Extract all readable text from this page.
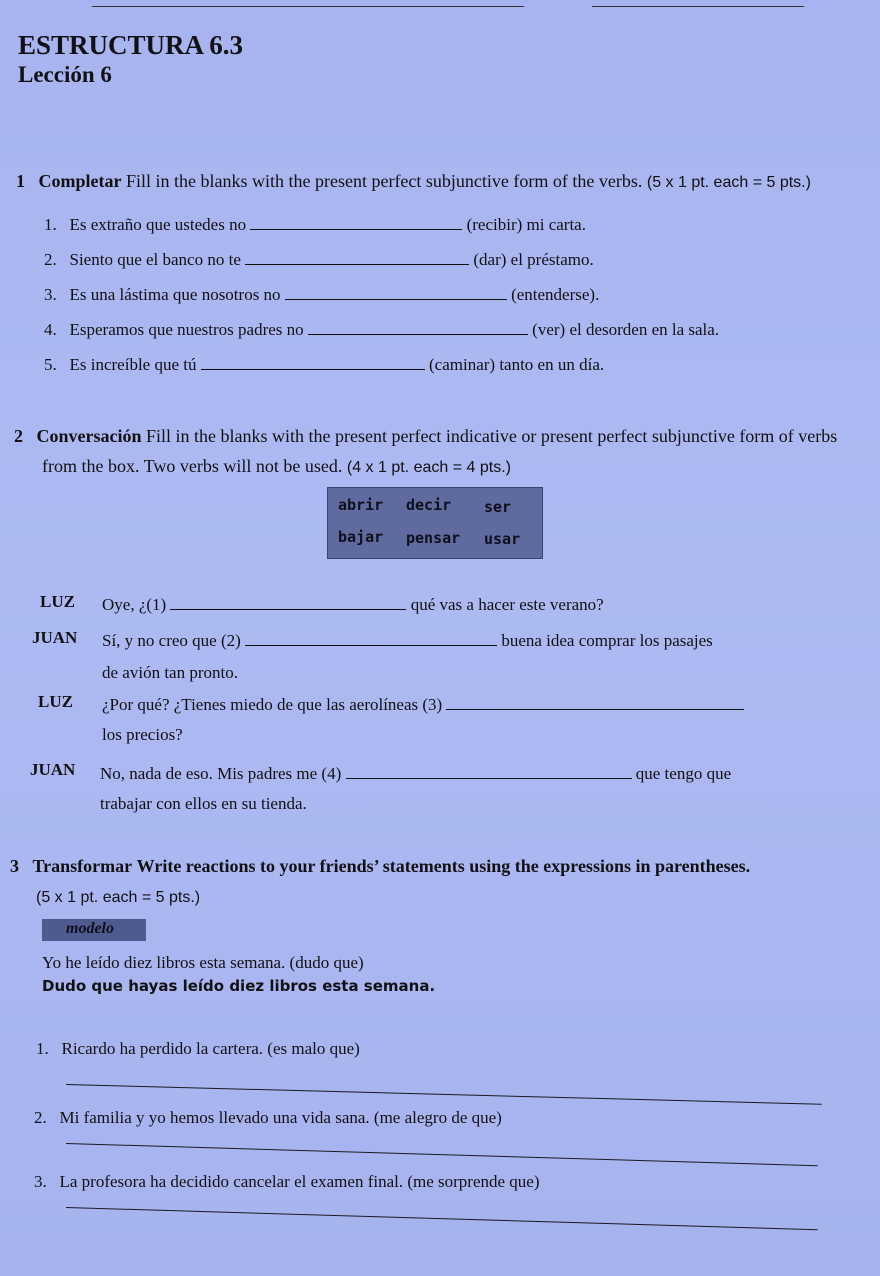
ESTRUCTURA 6.3
Lección 6
1 Completar Fill in the blanks with the present perfect subjunctive form of the verbs. (5 x 1 pt. each = 5 pts.)
1. Es extraño que ustedes no	(recibir) mi carta.
2. Siento que el banco no te	(dar) el préstamo.
3. Es una lástima que nosotros no	(entenderse).
4. Esperamos que nuestros padres no	(ver) el desorden en la sala.
5. Es increíble que tú	(caminar) tanto en un día.
2 Conversación Fill in the blanks with the present perfect indicative or present perfect subjunctive form of verbs
from the box. Two verbs will not be used. (4 x 1 pt. each = 4 pts.)
abrir decir ser
bajar pensar usar
LUZ Oye, ¿(1)	qué vas a hacer este verano?
JUAN Sí, y no creo que (2)	buena idea comprar los pasajes
de avión tan pronto.
LUZ ¿Por qué? ¿Tienes miedo de que las aerolíneas (3)
los precios?
JUAN No, nada de eso. Mis padres me (4)	que tengo que
trabajar con ellos en su tienda.
3 Transformar Write reactions to your friends’ statements using the expressions in parentheses.
(5 x 1 pt. each = 5 pts.)
modelo
Yo he leído diez libros esta semana. (dudo que)
Dudo que hayas leído diez libros esta semana.
1. Ricardo ha perdido la cartera. (es malo que)
2. Mi familia y yo hemos llevado una vida sana. (me alegro de que)
3. La profesora ha decidido cancelar el examen final. (me sorprende que)
